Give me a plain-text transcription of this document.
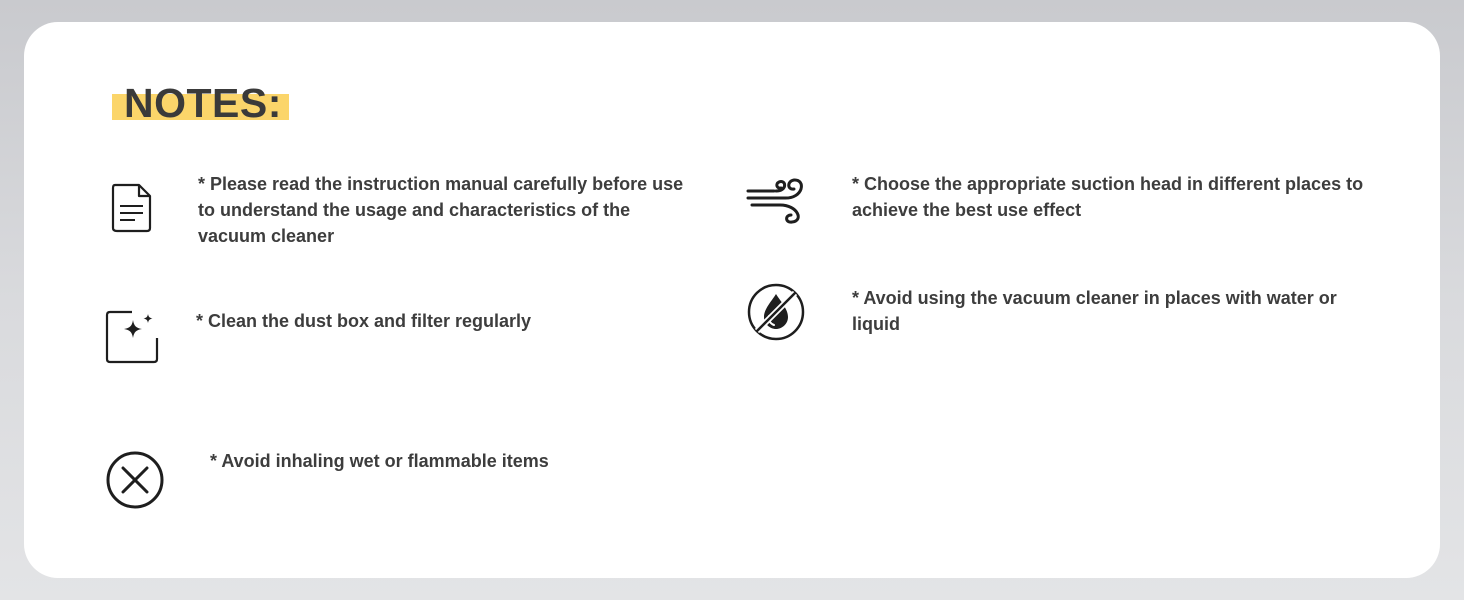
NOTES:

* Please read the instruction manual carefully before use to understand the usage and characteristics of the vacuum cleaner

* Choose the appropriate suction head in different places to achieve the best use effect

* Clean the dust box and filter regularly

* Avoid using the vacuum cleaner in places with water or liquid

* Avoid inhaling wet or flammable items
